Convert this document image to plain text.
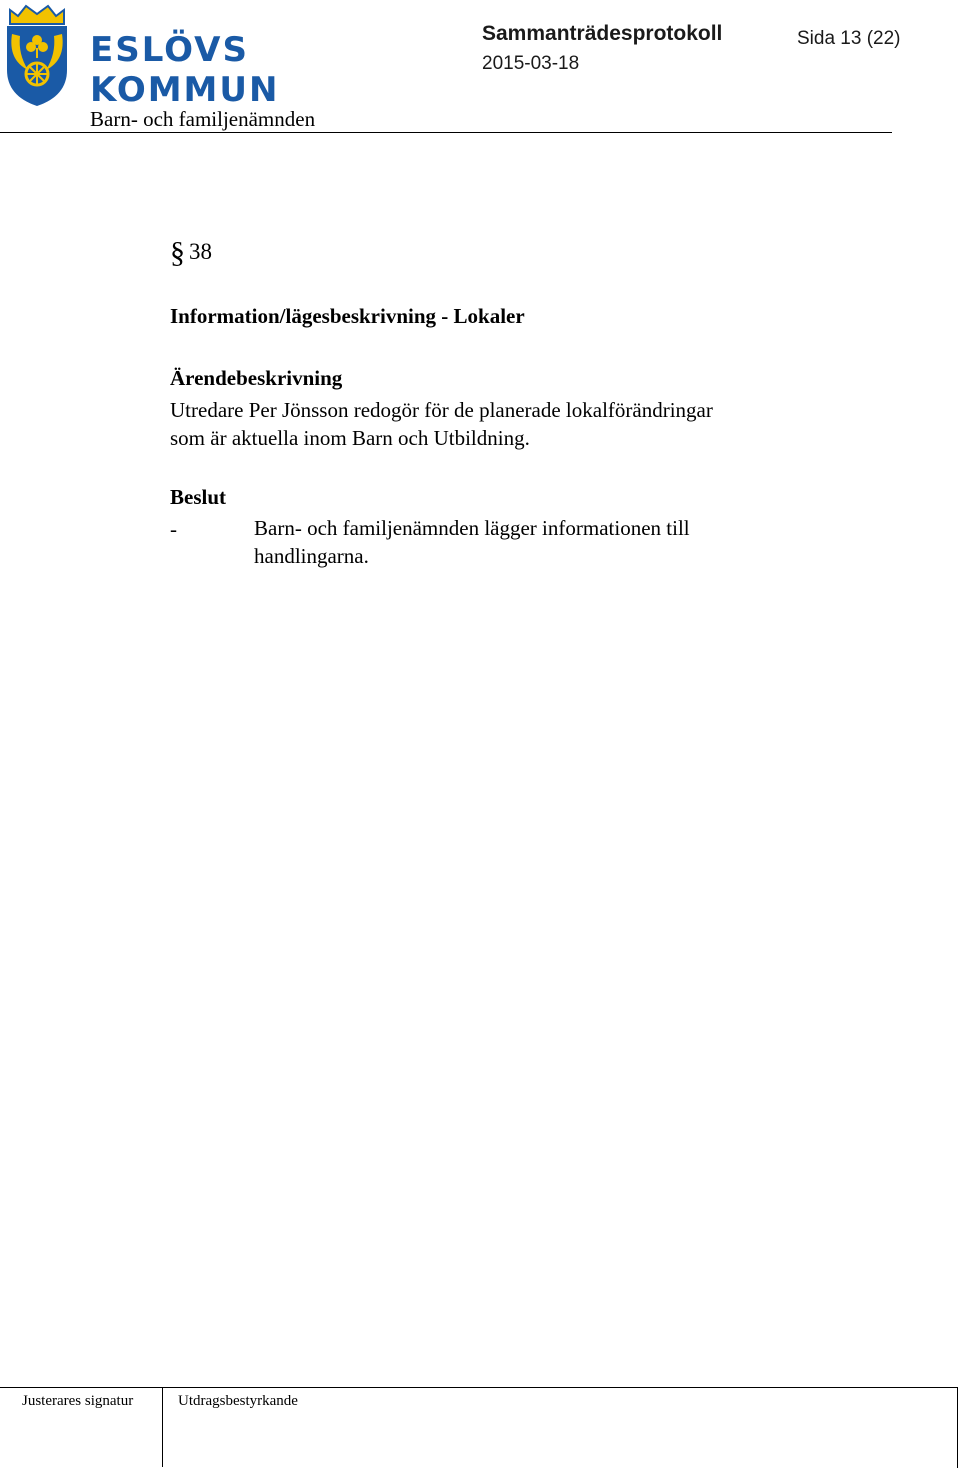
ESLÖVS
KOMMUN
Barn- och familjenämnden
Sammanträdesprotokoll	Sida 13 (22)
2015-03-18
§ 38
Information/lägesbeskrivning - Lokaler
Ärendebeskrivning
Utredare Per Jönsson redogör för de planerade lokalförändringar
som är aktuella inom Barn och Utbildning.
Beslut
-	Barn- och familjenämnden lägger informationen till
handlingarna.
Justerares signatur	Utdragsbestyrkande
